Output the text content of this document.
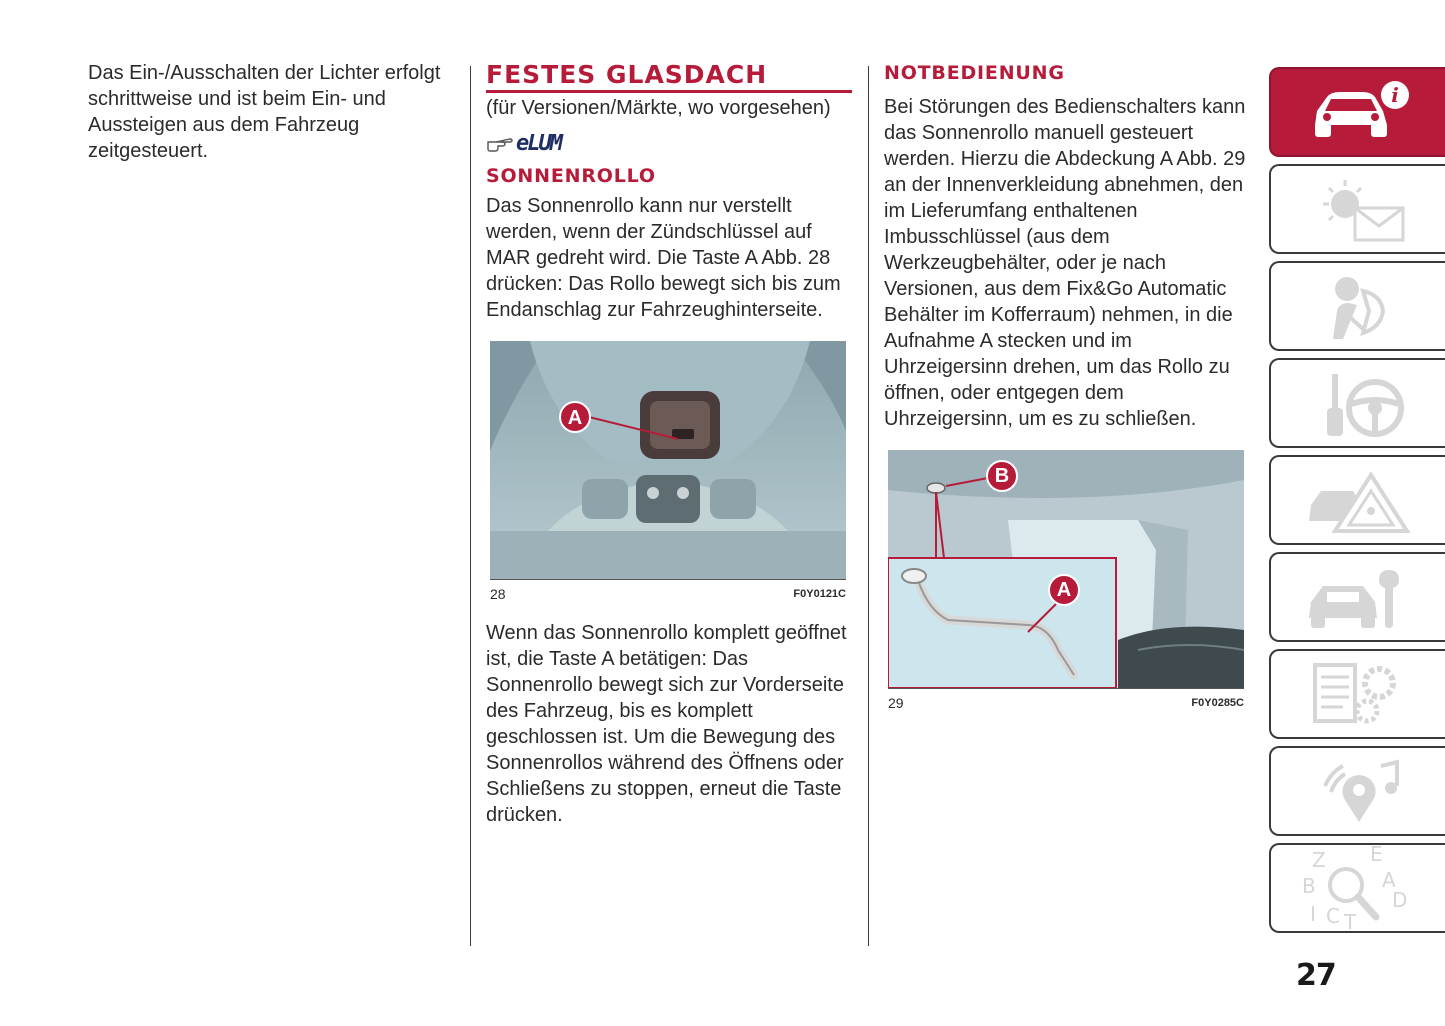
Das Ein-/Ausschalten der Lichter erfolgt schrittweise und ist beim Ein- und Aussteigen aus dem Fahrzeug zeitgesteuert.

FESTES GLASDACH
(für Versionen/Märkte, wo vorgesehen)
eLUM
SONNENROLLO

Das Sonnenrollo kann nur verstellt werden, wenn der Zündschlüssel auf MAR gedreht wird. Die Taste A Abb. 28 drücken: Das Rollo bewegt sich bis zum Endanschlag zur Fahrzeughinterseite.

A
28	F0Y0121C

Wenn das Sonnenrollo komplett geöffnet ist, die Taste A betätigen: Das Sonnenrollo bewegt sich zur Vorderseite des Fahrzeug, bis es komplett geschlossen ist. Um die Bewegung des Sonnenrollos während des Öffnens oder Schließens zu stoppen, erneut die Taste drücken.

NOTBEDIENUNG

Bei Störungen des Bedienschalters kann das Sonnenrollo manuell gesteuert werden. Hierzu die Abdeckung A Abb. 29 an der Innenverkleidung abnehmen, den im Lieferumfang enthaltenen Imbusschlüssel (aus dem Werkzeugbehälter, oder je nach Versionen, aus dem Fix&Go Automatic Behälter im Kofferraum) nehmen, in die Aufnahme A stecken und im Uhrzeigersinn drehen, um das Rollo zu öffnen, oder entgegen dem Uhrzeigersinn, um es zu schließen.

B
A
29	F0Y0285C
i
Z E
A
B
D
I C T
27
